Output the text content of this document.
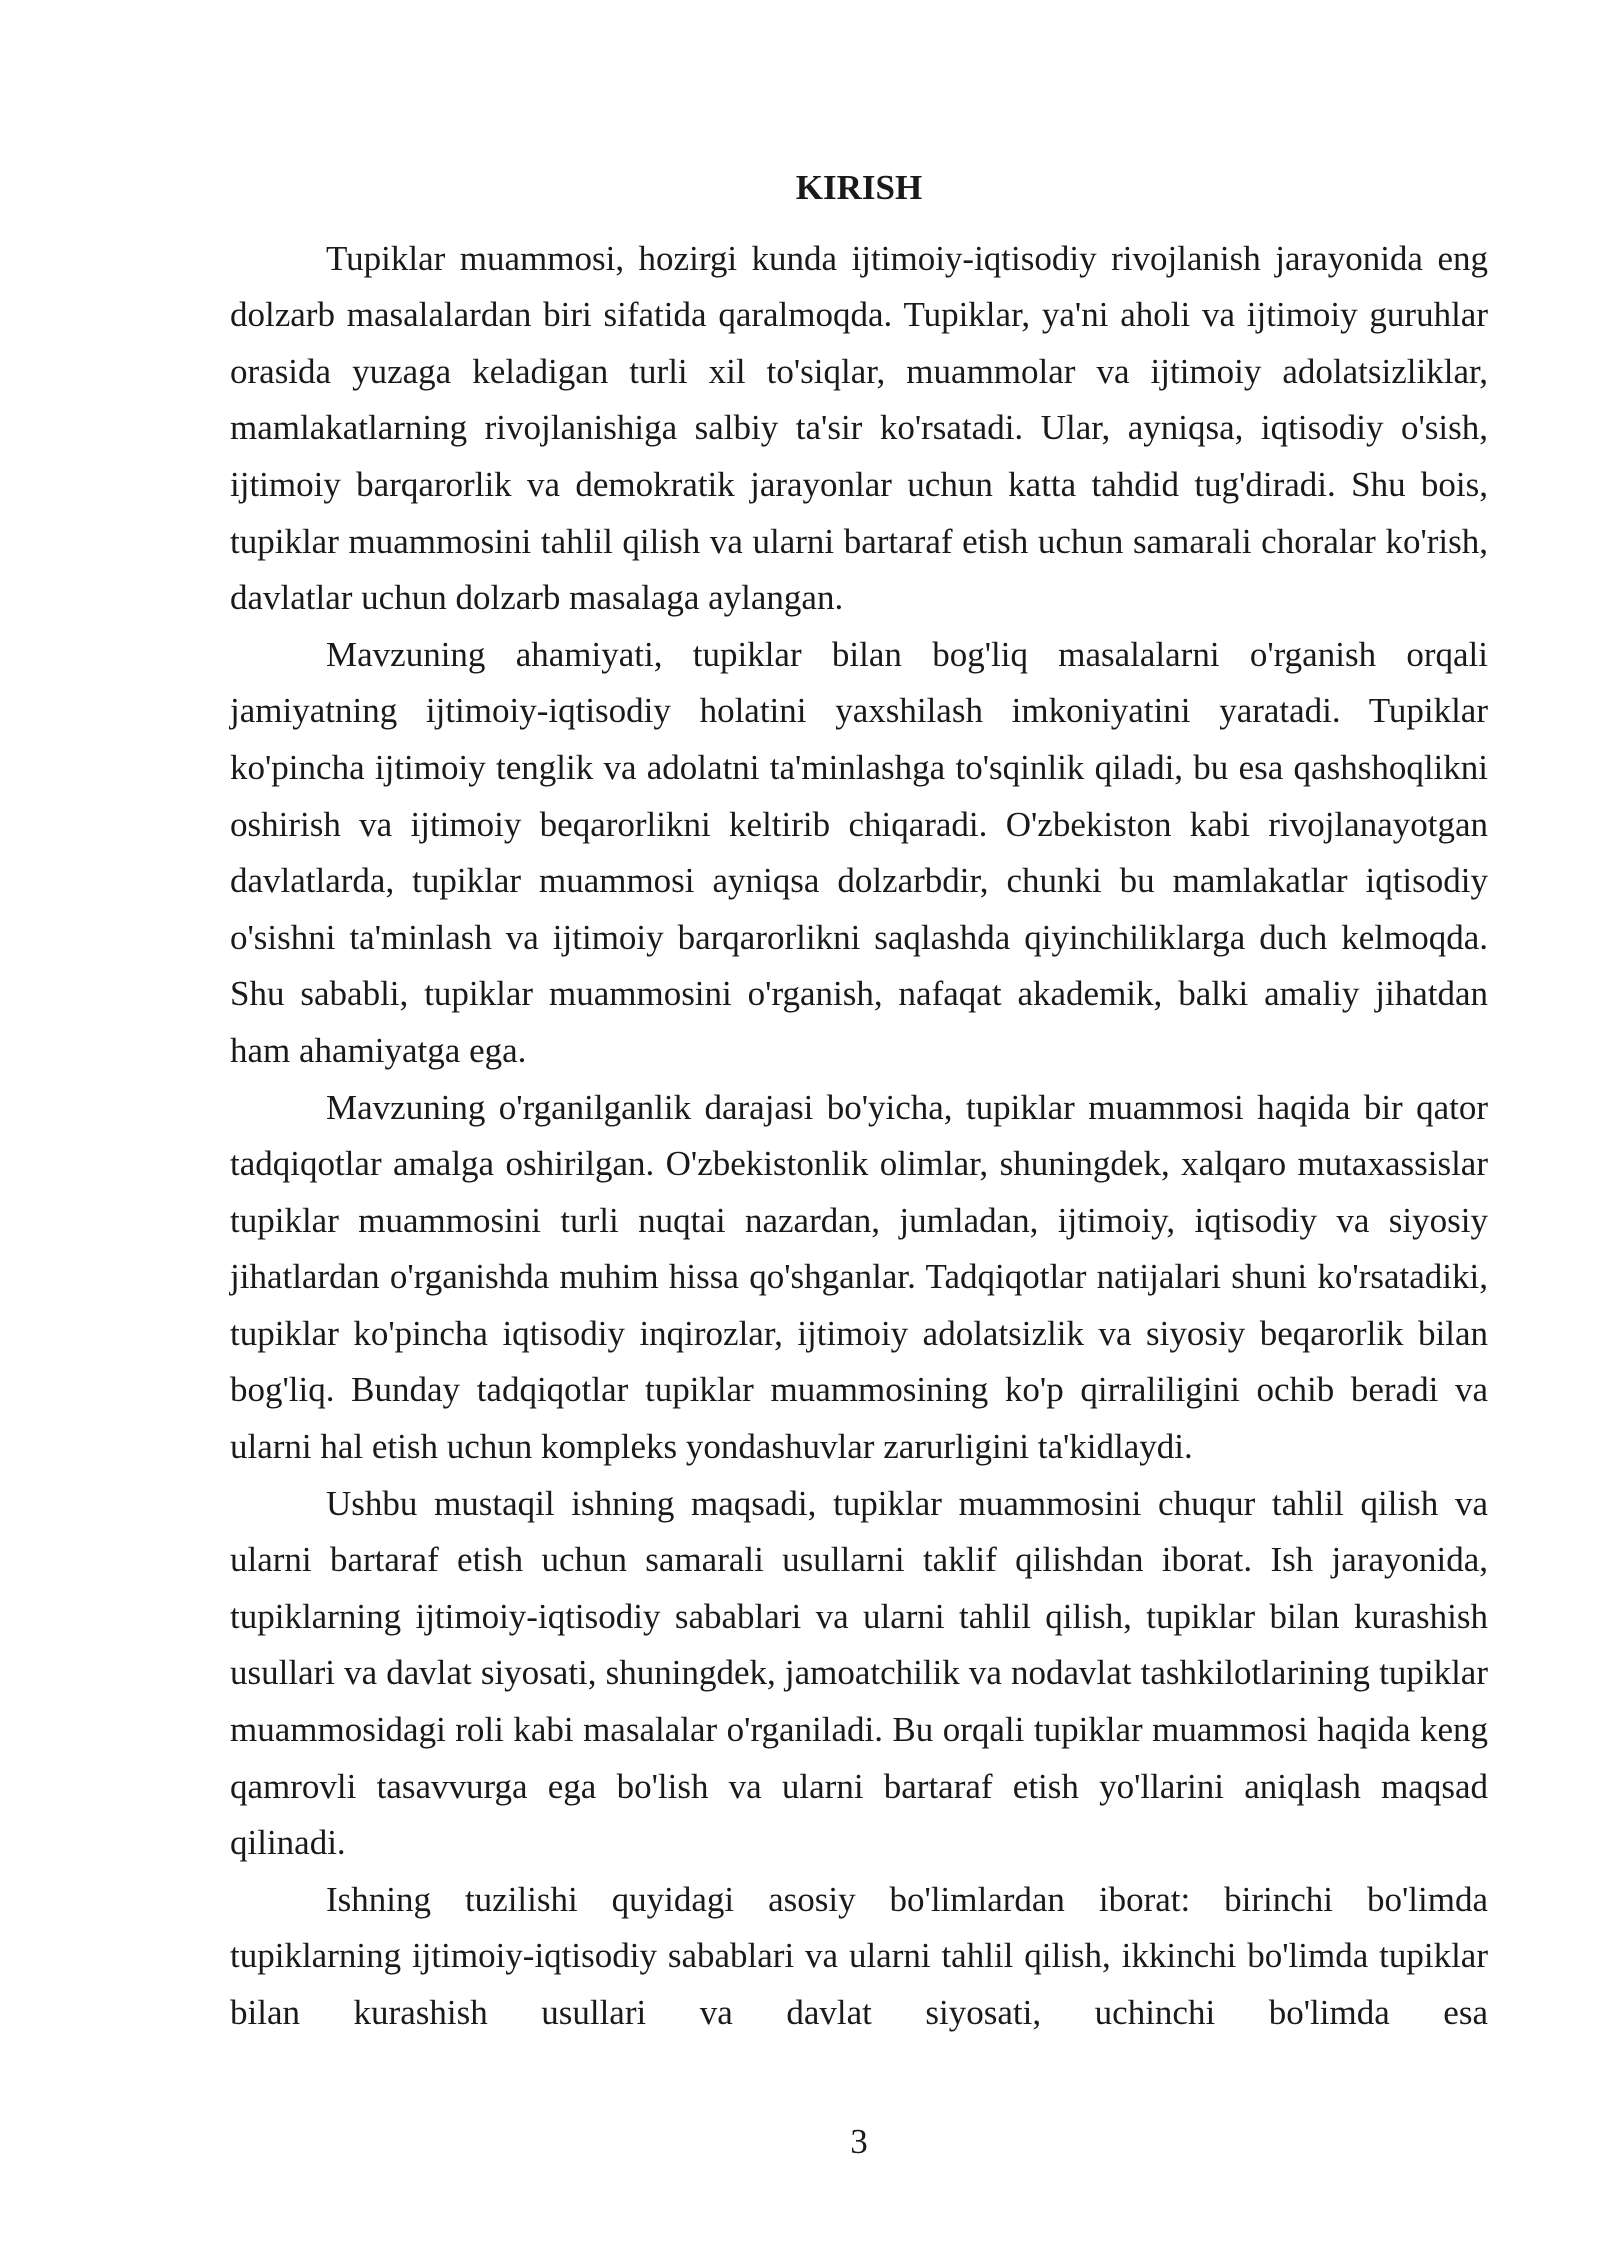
KIRISH

Tupiklar muammosi, hozirgi kunda ijtimoiy-iqtisodiy rivojlanish jarayonida eng dolzarb masalalardan biri sifatida qaralmoqda. Tupiklar, ya'ni aholi va ijtimoiy guruhlar orasida yuzaga keladigan turli xil to'siqlar, muammolar va ijtimoiy adolatsizliklar, mamlakatlarning rivojlanishiga salbiy ta'sir ko'rsatadi. Ular, ayniqsa, iqtisodiy o'sish, ijtimoiy barqarorlik va demokratik jarayonlar uchun katta tahdid tug'diradi. Shu bois, tupiklar muammosini tahlil qilish va ularni bartaraf etish uchun samarali choralar ko'rish, davlatlar uchun dolzarb masalaga aylangan.

Mavzuning ahamiyati, tupiklar bilan bog'liq masalalarni o'rganish orqali jamiyatning ijtimoiy-iqtisodiy holatini yaxshilash imkoniyatini yaratadi. Tupiklar ko'pincha ijtimoiy tenglik va adolatni ta'minlashga to'sqinlik qiladi, bu esa qashshoqlikni oshirish va ijtimoiy beqarorlikni keltirib chiqaradi. O'zbekiston kabi rivojlanayotgan davlatlarda, tupiklar muammosi ayniqsa dolzarbdir, chunki bu mamlakatlar iqtisodiy o'sishni ta'minlash va ijtimoiy barqarorlikni saqlashda qiyinchiliklarga duch kelmoqda. Shu sababli, tupiklar muammosini o'rganish, nafaqat akademik, balki amaliy jihatdan ham ahamiyatga ega.

Mavzuning o'rganilganlik darajasi bo'yicha, tupiklar muammosi haqida bir qator tadqiqotlar amalga oshirilgan. O'zbekistonlik olimlar, shuningdek, xalqaro mutaxassislar tupiklar muammosini turli nuqtai nazardan, jumladan, ijtimoiy, iqtisodiy va siyosiy jihatlardan o'rganishda muhim hissa qo'shganlar. Tadqiqotlar natijalari shuni ko'rsatadiki, tupiklar ko'pincha iqtisodiy inqirozlar, ijtimoiy adolatsizlik va siyosiy beqarorlik bilan bog'liq. Bunday tadqiqotlar tupiklar muammosining ko'p qirraliligini ochib beradi va ularni hal etish uchun kompleks yondashuvlar zarurligini ta'kidlaydi.

Ushbu mustaqil ishning maqsadi, tupiklar muammosini chuqur tahlil qilish va ularni bartaraf etish uchun samarali usullarni taklif qilishdan iborat. Ish jarayonida, tupiklarning ijtimoiy-iqtisodiy sabablari va ularni tahlil qilish, tupiklar bilan kurashish usullari va davlat siyosati, shuningdek, jamoatchilik va nodavlat tashkilotlarining tupiklar muammosidagi roli kabi masalalar o'rganiladi. Bu orqali tupiklar muammosi haqida keng qamrovli tasavvurga ega bo'lish va ularni bartaraf etish yo'llarini aniqlash maqsad qilinadi.

Ishning tuzilishi quyidagi asosiy bo'limlardan iborat: birinchi bo'limda tupiklarning ijtimoiy-iqtisodiy sabablari va ularni tahlil qilish, ikkinchi bo'limda tupiklar bilan kurashish usullari va davlat siyosati, uchinchi bo'limda esa

3
